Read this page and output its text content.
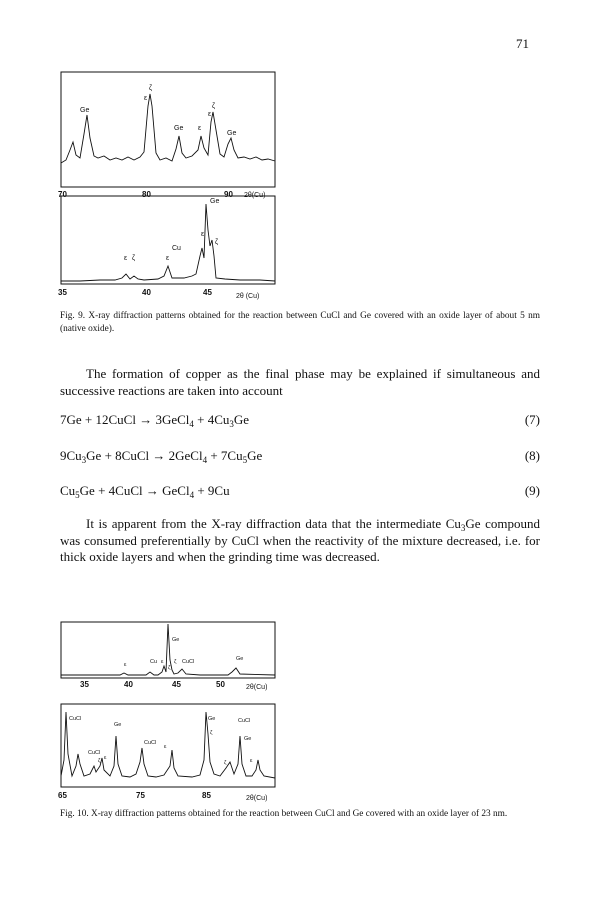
71
Ge
ε
ζ
ε
Ge ε
ζ
Ge
70	80	90 2θ(Cu)
Ge
Cu
ε ζ	ε
ε
ζ
35	40	45	2θ (Cu)
Fig. 9. X-ray diffraction patterns obtained for the reaction between CuCl and Ge covered with an oxide layer of about 5 nm (native oxide).
The formation of copper as the final phase may be explained if simultaneous and successive reactions are taken into account
7Ge + 12CuCl → 3GeCl$_4$ + $4Cu_3Ge$	(7)
$9Cu_3Ge$ + 8CuCl → 2GeCl$_4$ + $7Cu_5Ge$	(8)
$Cu_5Ge$ + 4CuCl → GeCl$_4$ + 9Cu	(9)
It is apparent from the X-ray diffraction data that the intermediate $Cu_3Ge$ compound was consumed preferentially by CuCl when the reactivity of the mixture decreased, i.e. for thick oxide layers and when the grinding time was decreased.
Ge
ε	Cu ε
ζ
ζ CuCl	Ge
35	40	45	50	2θ(Cu)
CuCl
Ge
CuCl
ε
ζ
CuCl
ε
ζ
Ge
ζ
CuCl
Ge
ε
65	75	85	2θ(Cu)
Fig. 10. X-ray diffraction patterns obtained for the reaction between CuCl and Ge covered with an oxide layer of 23 nm.
